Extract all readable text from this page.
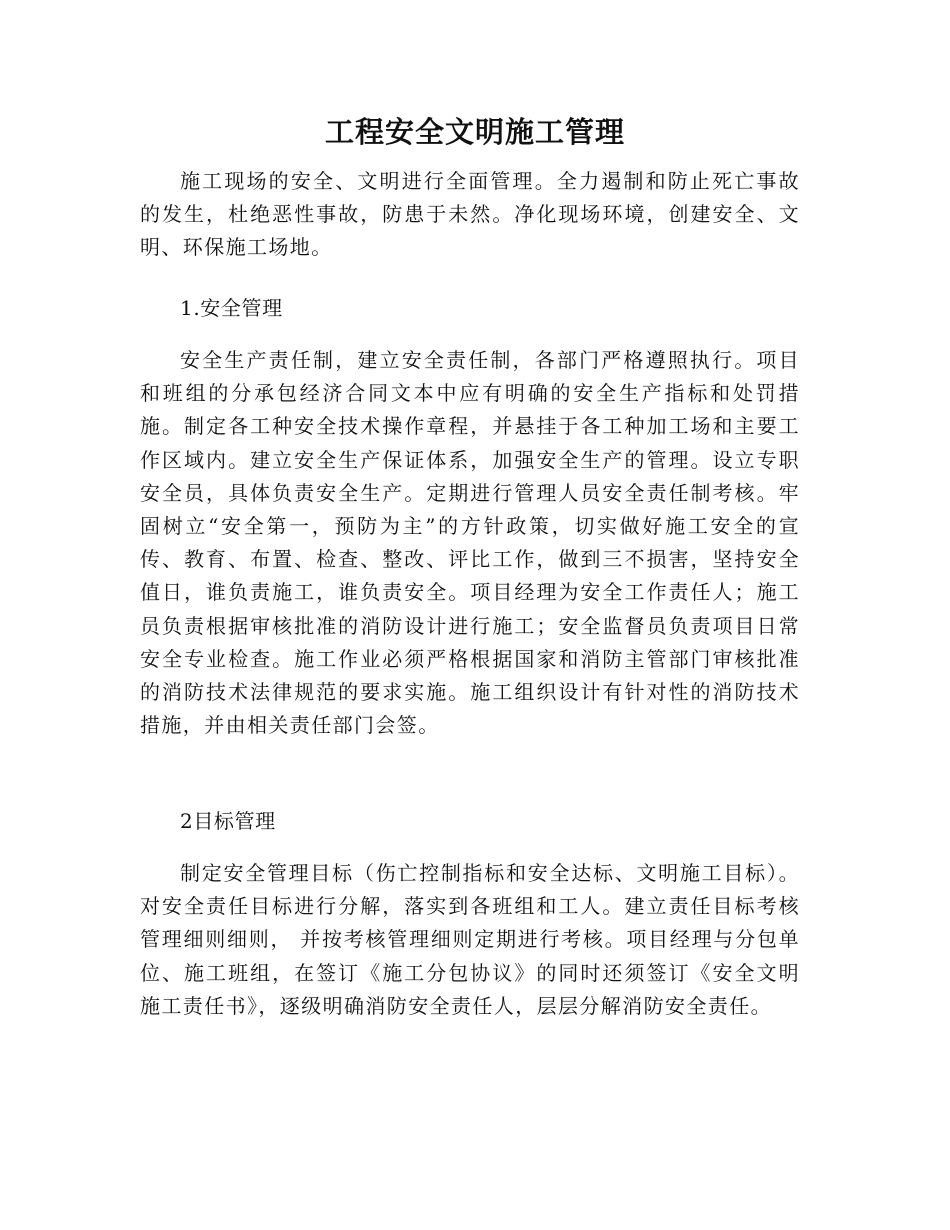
工程安全文明施工管理

施工现场的安全、文明进行全面管理。全力遏制和防止死亡事故的发生，杜绝恶性事故，防患于未然。净化现场环境，创建安全、文明、环保施工场地。

1.安全管理

安全生产责任制，建立安全责任制，各部门严格遵照执行。项目和班组的分承包经济合同文本中应有明确的安全生产指标和处罚措施。制定各工种安全技术操作章程，并悬挂于各工种加工场和主要工作区域内。建立安全生产保证体系，加强安全生产的管理。设立专职安全员，具体负责安全生产。定期进行管理人员安全责任制考核。牢固树立“安全第一，预防为主”的方针政策，切实做好施工安全的宣传、教育、布置、检查、整改、评比工作，做到三不损害，坚持安全值日，谁负责施工，谁负责安全。项目经理为安全工作责任人；施工员负责根据审核批准的消防设计进行施工；安全监督员负责项目日常安全专业检查。施工作业必须严格根据国家和消防主管部门审核批准的消防技术法律规范的要求实施。施工组织设计有针对性的消防技术措施，并由相关责任部门会签。

2目标管理

制定安全管理目标（伤亡控制指标和安全达标、文明施工目标）。对安全责任目标进行分解，落实到各班组和工人。建立责任目标考核管理细则细则， 并按考核管理细则定期进行考核。项目经理与分包单位、施工班组，在签订《施工分包协议》的同时还须签订《安全文明施工责任书》，逐级明确消防安全责任人，层层分解消防安全责任。
